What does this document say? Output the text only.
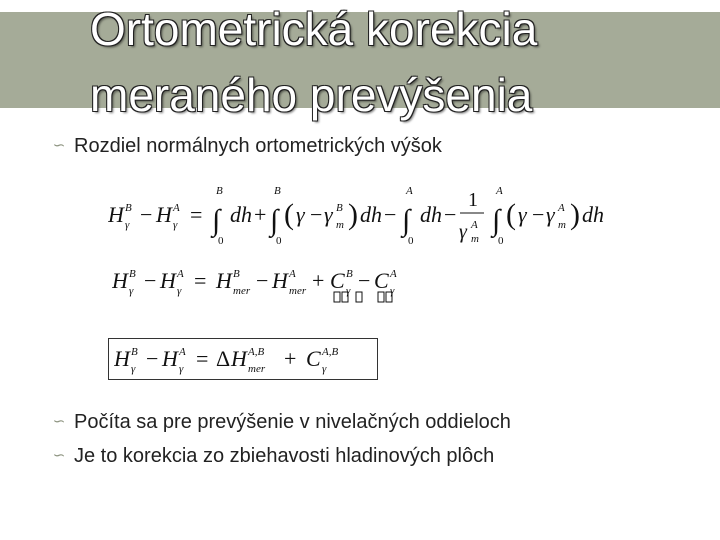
Ortometrická korekcia
meraného prevýšenia
∽ Rozdiel normálnych ortometrických výšok
H B
γ − H A
γ =
B
∫
0
dh +
B
∫
0
( γ − γ B
m ) dh −
A
∫
0
dh −
1
γ A
m
A
∫
0
( γ − γ A
m ) dh
H B
γ − H A
γ = H B
mer − H A
mer + C B
γ − C A
γ
H B
γ − H A
γ = Δ H A,B
mer + C A,B
γ
∽ Počíta sa pre prevýšenie v nivelačných oddieloch
∽ Je to korekcia zo zbiehavosti hladinových plôch
